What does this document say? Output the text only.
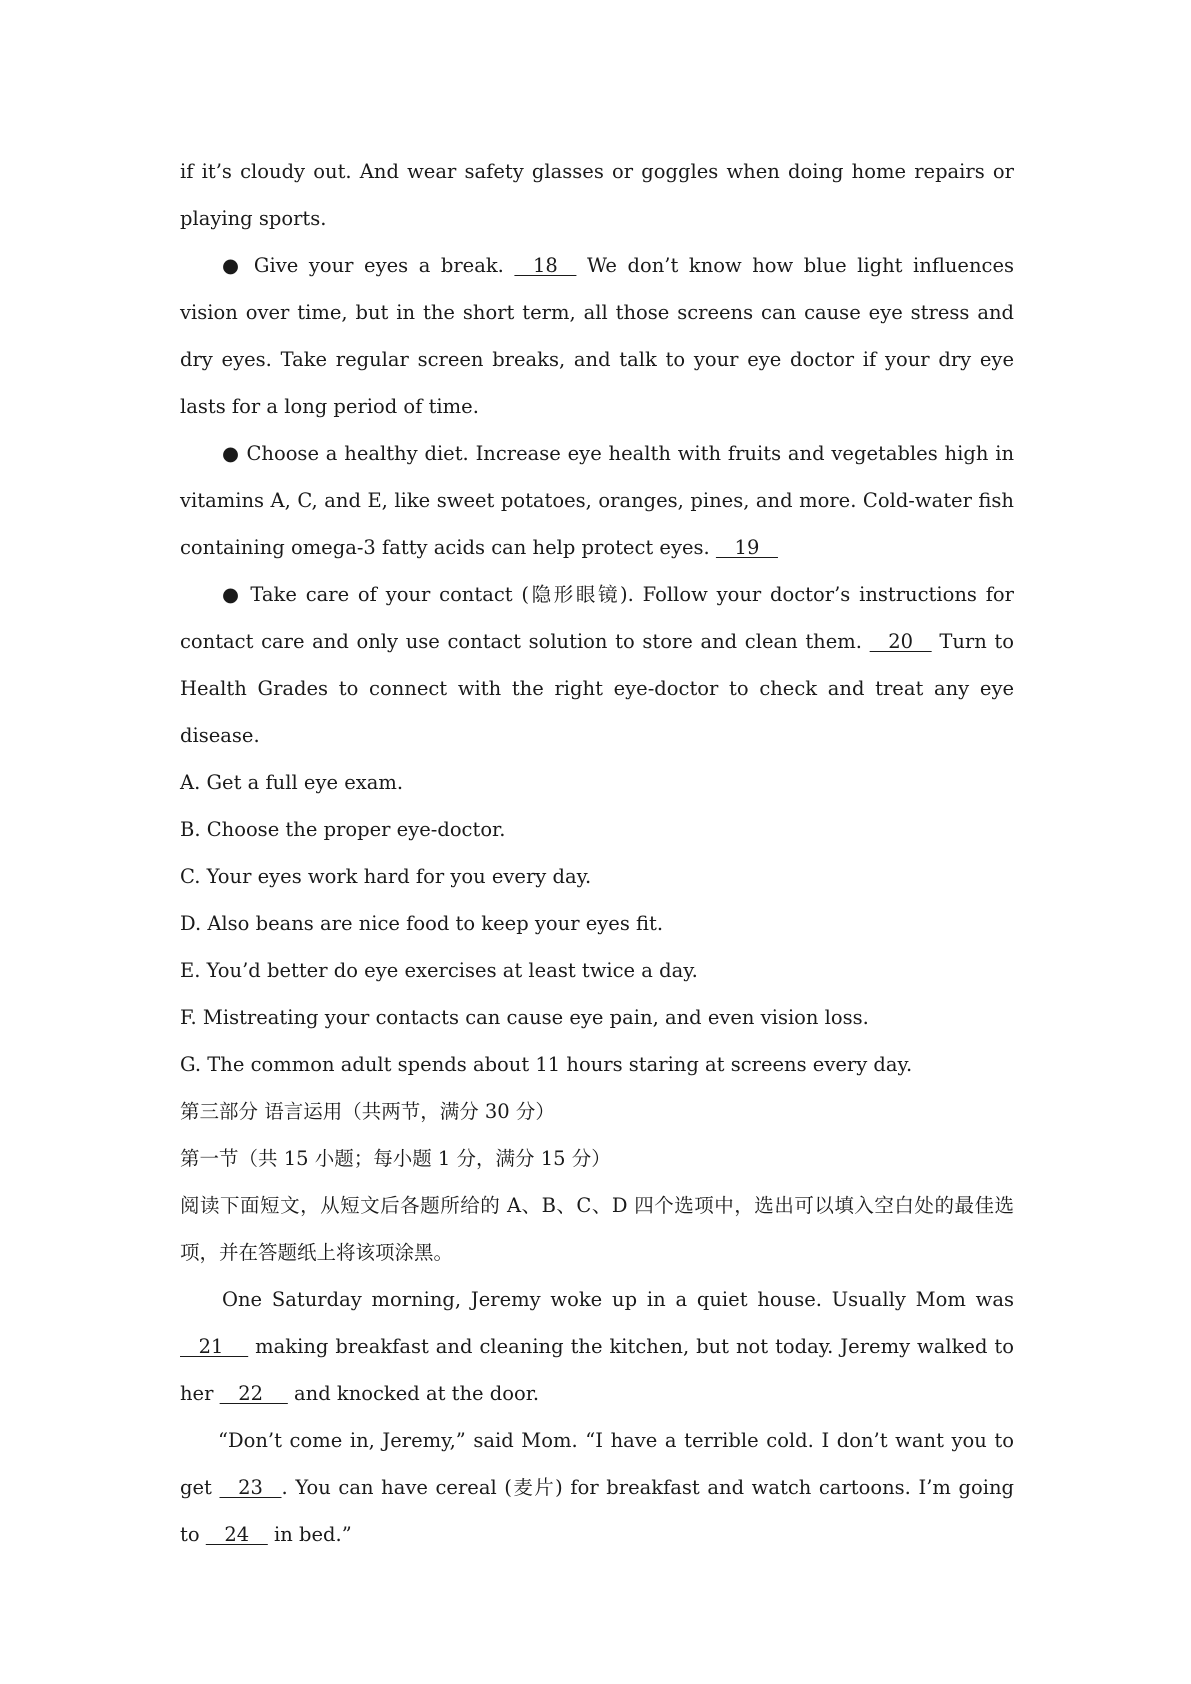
if it’s cloudy out. And wear safety glasses or goggles when doing home repairs or playing sports.

● Give your eyes a break.    18    We don’t know how blue light influences vision over time, but in the short term, all those screens can cause eye stress and dry eyes. Take regular screen breaks, and talk to your eye doctor if your dry eye lasts for a long period of time.

● Choose a healthy diet. Increase eye health with fruits and vegetables high in vitamins A, C, and E, like sweet potatoes, oranges, pines, and more. Cold-water fish containing omega-3 fatty acids can help protect eyes.    19

● Take care of your contact (隐形眼镜). Follow your doctor’s instructions for contact care and only use contact solution to store and clean them.    20    Turn to Health Grades to connect with the right eye-doctor to check and treat any eye disease.

A. Get a full eye exam.

B. Choose the proper eye-doctor.

C. Your eyes work hard for you every day.

D. Also beans are nice food to keep your eyes fit.

E. You’d better do eye exercises at least twice a day.

F. Mistreating your contacts can cause eye pain, and even vision loss.

G. The common adult spends about 11 hours staring at screens every day.

第三部分 语言运用（共两节，满分 30 分）

第一节（共 15 小题；每小题 1 分，满分 15 分）

阅读下面短文，从短文后各题所给的 A、B、C、D 四个选项中，选出可以填入空白处的最佳选项，并在答题纸上将该项涂黑。

One Saturday morning, Jeremy woke up in a quiet house. Usually Mom was    21     making breakfast and cleaning the kitchen, but not today. Jeremy walked to her    22     and knocked at the door.

“Don’t come in, Jeremy,” said Mom. “I have a terrible cold. I don’t want you to get    23   . You can have cereal (麦片) for breakfast and watch cartoons. I’m going to    24    in bed.”
